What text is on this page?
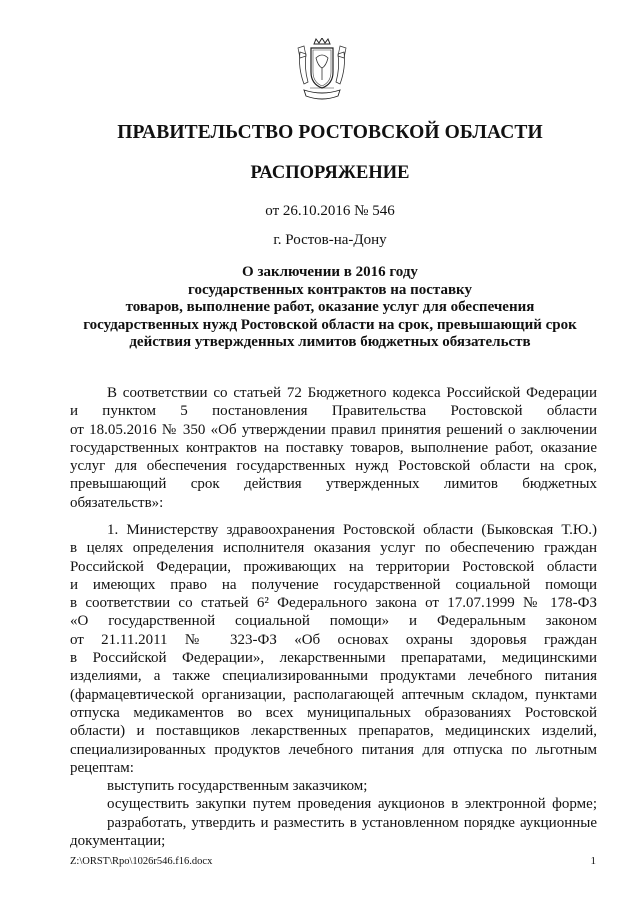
ПРАВИТЕЛЬСТВО РОСТОВСКОЙ ОБЛАСТИ
РАСПОРЯЖЕНИЕ
от 26.10.2016 № 546
г. Ростов-на-Дону
О заключении в 2016 году
государственных контрактов на поставку
товаров, выполнение работ, оказание услуг для обеспечения
государственных нужд Ростовской области на срок, превышающий срок
действия утвержденных лимитов бюджетных обязательств
В соответствии со статьей 72 Бюджетного кодекса Российской Федерации
и пунктом 5 постановления Правительства Ростовской области
от 18.05.2016 № 350 «Об утверждении правил принятия решений о заключении
государственных контрактов на поставку товаров, выполнение работ, оказание
услуг для обеспечения государственных нужд Ростовской области на срок,
превышающий срок действия утвержденных лимитов бюджетных
обязательств»:
1. Министерству здравоохранения Ростовской области (Быковская Т.Ю.)
в целях определения исполнителя оказания услуг по обеспечению граждан
Российской Федерации, проживающих на территории Ростовской области
и имеющих право на получение государственной социальной помощи
в соответствии со статьей 6² Федерального закона от 17.07.1999 № 178-ФЗ
«О государственной социальной помощи» и Федеральным законом
от 21.11.2011 № 323-ФЗ «Об основах охраны здоровья граждан
в Российской Федерации», лекарственными препаратами, медицинскими
изделиями, а также специализированными продуктами лечебного питания
(фармацевтической организации, располагающей аптечным складом, пунктами
отпуска медикаментов во всех муниципальных образованиях Ростовской
области) и поставщиков лекарственных препаратов, медицинских изделий,
специализированных продуктов лечебного питания для отпуска по льготным
рецептам:
выступить государственным заказчиком;
осуществить закупки путем проведения аукционов в электронной форме;
разработать, утвердить и разместить в установленном порядке аукционные
документации;
Z:\ORST\Rpo\1026r546.f16.docx	1
